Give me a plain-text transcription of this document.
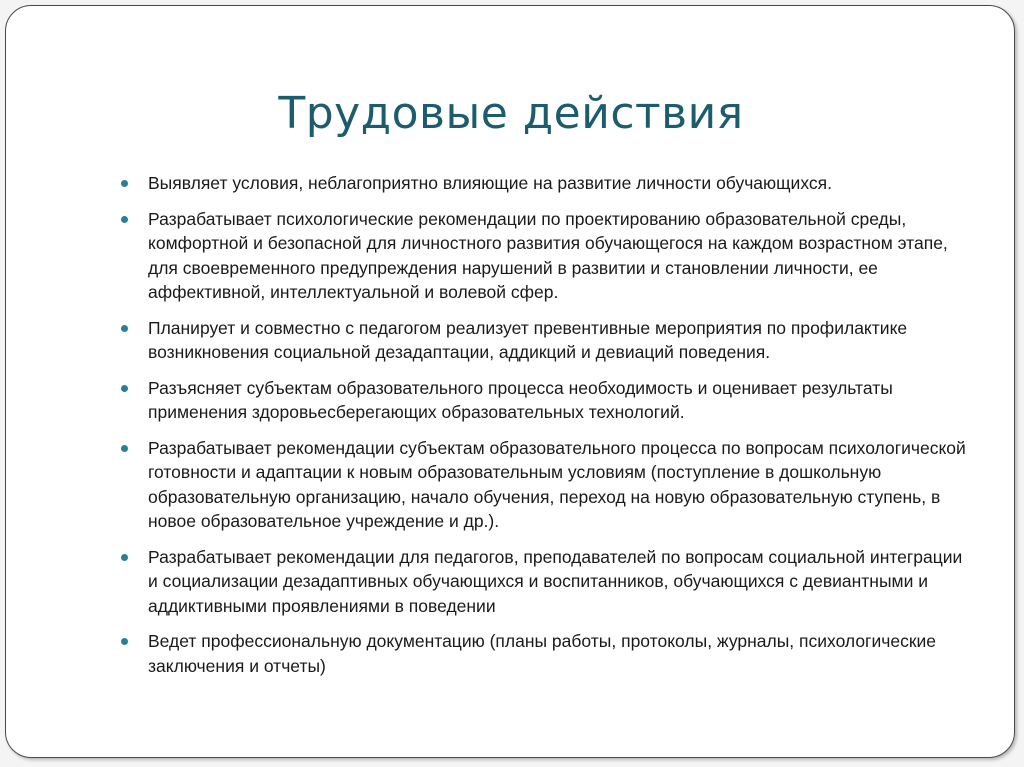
Трудовые действия
Выявляет условия, неблагоприятно влияющие на развитие личности обучающихся.
Разрабатывает психологические рекомендации по проектированию образовательной среды, комфортной и безопасной для личностного развития обучающегося на каждом возрастном этапе, для своевременного предупреждения нарушений в развитии и становлении личности, ее аффективной, интеллектуальной и волевой сфер.
Планирует и совместно с педагогом реализует превентивные мероприятия по профилактике возникновения социальной дезадаптации, аддикций и девиаций поведения.
Разъясняет субъектам образовательного процесса необходимость и оценивает результаты применения здоровьесберегающих образовательных технологий.
Разрабатывает рекомендации субъектам образовательного процесса по вопросам психологической готовности и адаптации к новым образовательным условиям (поступление в дошкольную образовательную организацию, начало обучения, переход на новую образовательную ступень, в новое образовательное учреждение и др.).
Разрабатывает рекомендации для педагогов, преподавателей по вопросам социальной интеграции и социализации дезадаптивных обучающихся и воспитанников, обучающихся с девиантными и аддиктивными проявлениями в поведении
Ведет профессиональную документацию (планы работы, протоколы, журналы, психологические заключения и отчеты)
